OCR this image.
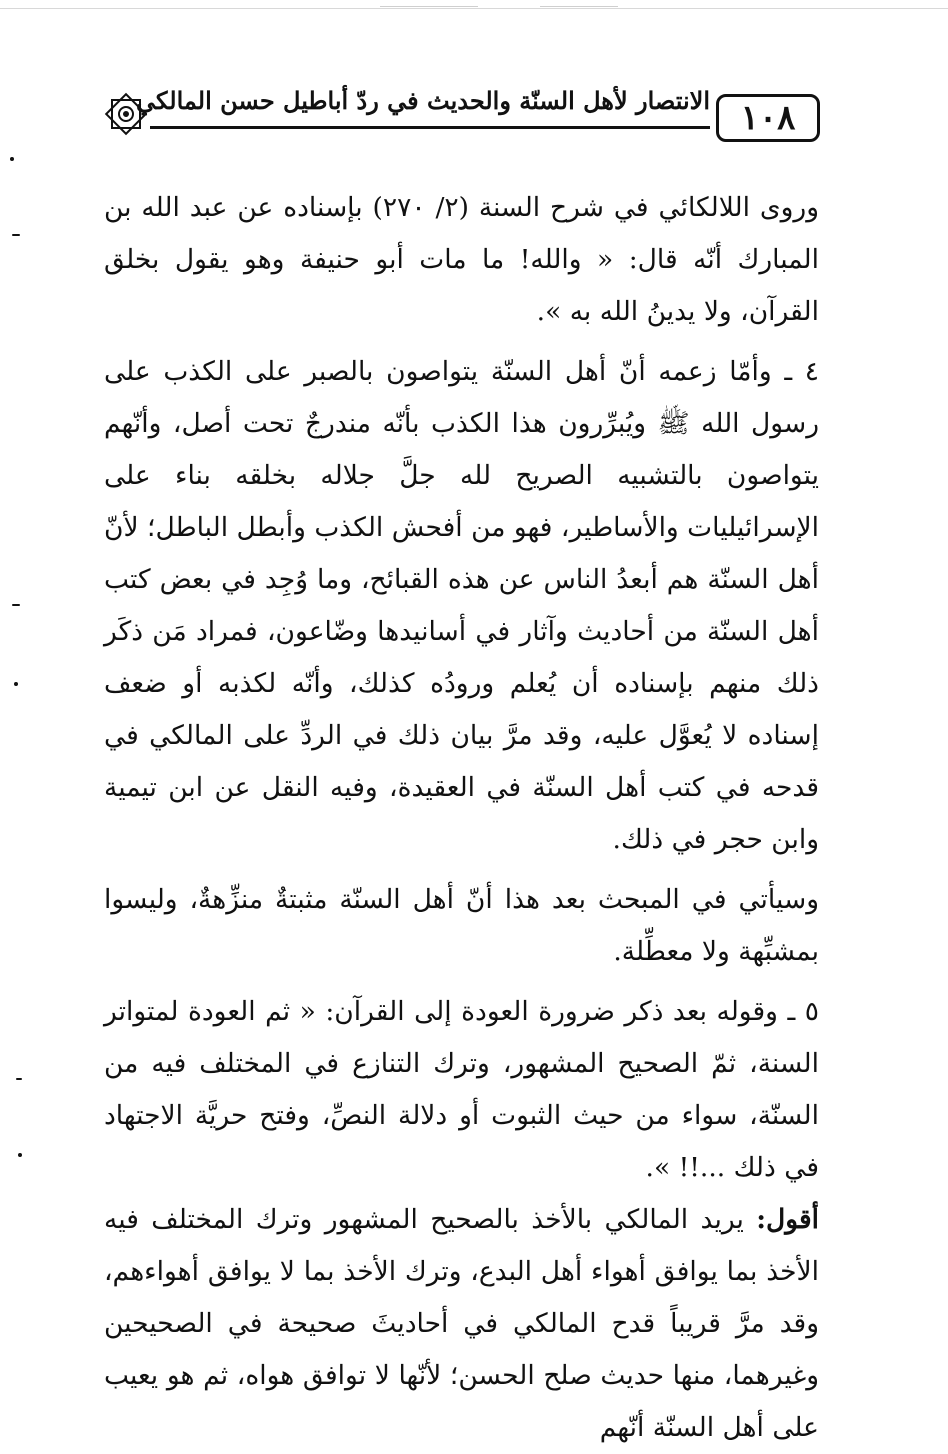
الانتصار لأهل السنّة والحديث في ردّ أباطيل حسن المالكي ١٠٨

وروى اللالكائي في شرح السنة (٢/ ٢٧٠) بإسناده عن عبد الله بن المبارك أنّه قال: « والله! ما مات أبو حنيفة وهو يقول بخلق القرآن، ولا يدينُ الله به ».

٤ ـ وأمّا زعمه أنّ أهل السنّة يتواصون بالصبر على الكذب على رسول الله ﷺ ويُبرِّرون هذا الكذب بأنّه مندرجٌ تحت أصل، وأنّهم يتواصون بالتشبيه الصريح لله جلَّ جلاله بخلقه بناء على الإسرائيليات والأساطير، فهو من أفحش الكذب وأبطل الباطل؛ لأنّ أهل السنّة هم أبعدُ الناس عن هذه القبائح، وما وُجِد في بعض كتب أهل السنّة من أحاديث وآثار في أسانيدها وضّاعون، فمراد مَن ذكَر ذلك منهم بإسناده أن يُعلم ورودُه كذلك، وأنّه لكذبه أو ضعف إسناده لا يُعوَّل عليه، وقد مرَّ بيان ذلك في الردِّ على المالكي في قدحه في كتب أهل السنّة في العقيدة، وفيه النقل عن ابن تيمية وابن حجر في ذلك.

وسيأتي في المبحث بعد هذا أنّ أهل السنّة مثبتةٌ منزِّهةٌ، وليسوا بمشبِّهة ولا معطِّلة.

٥ ـ وقوله بعد ذكر ضرورة العودة إلى القرآن: « ثم العودة لمتواتر السنة، ثمّ الصحيح المشهور، وترك التنازع في المختلف فيه من السنّة، سواء من حيث الثبوت أو دلالة النصِّ، وفتح حريَّة الاجتهاد في ذلك ...!! ».

أقول: يريد المالكي بالأخذ بالصحيح المشهور وترك المختلف فيه الأخذ بما يوافق أهواء أهل البدع، وترك الأخذ بما لا يوافق أهواءهم، وقد مرَّ قريباً قدح المالكي في أحاديثَ صحيحة في الصحيحين وغيرهما، منها حديث صلح الحسن؛ لأنّها لا توافق هواه، ثم هو يعيب على أهل السنّة أنّهم
